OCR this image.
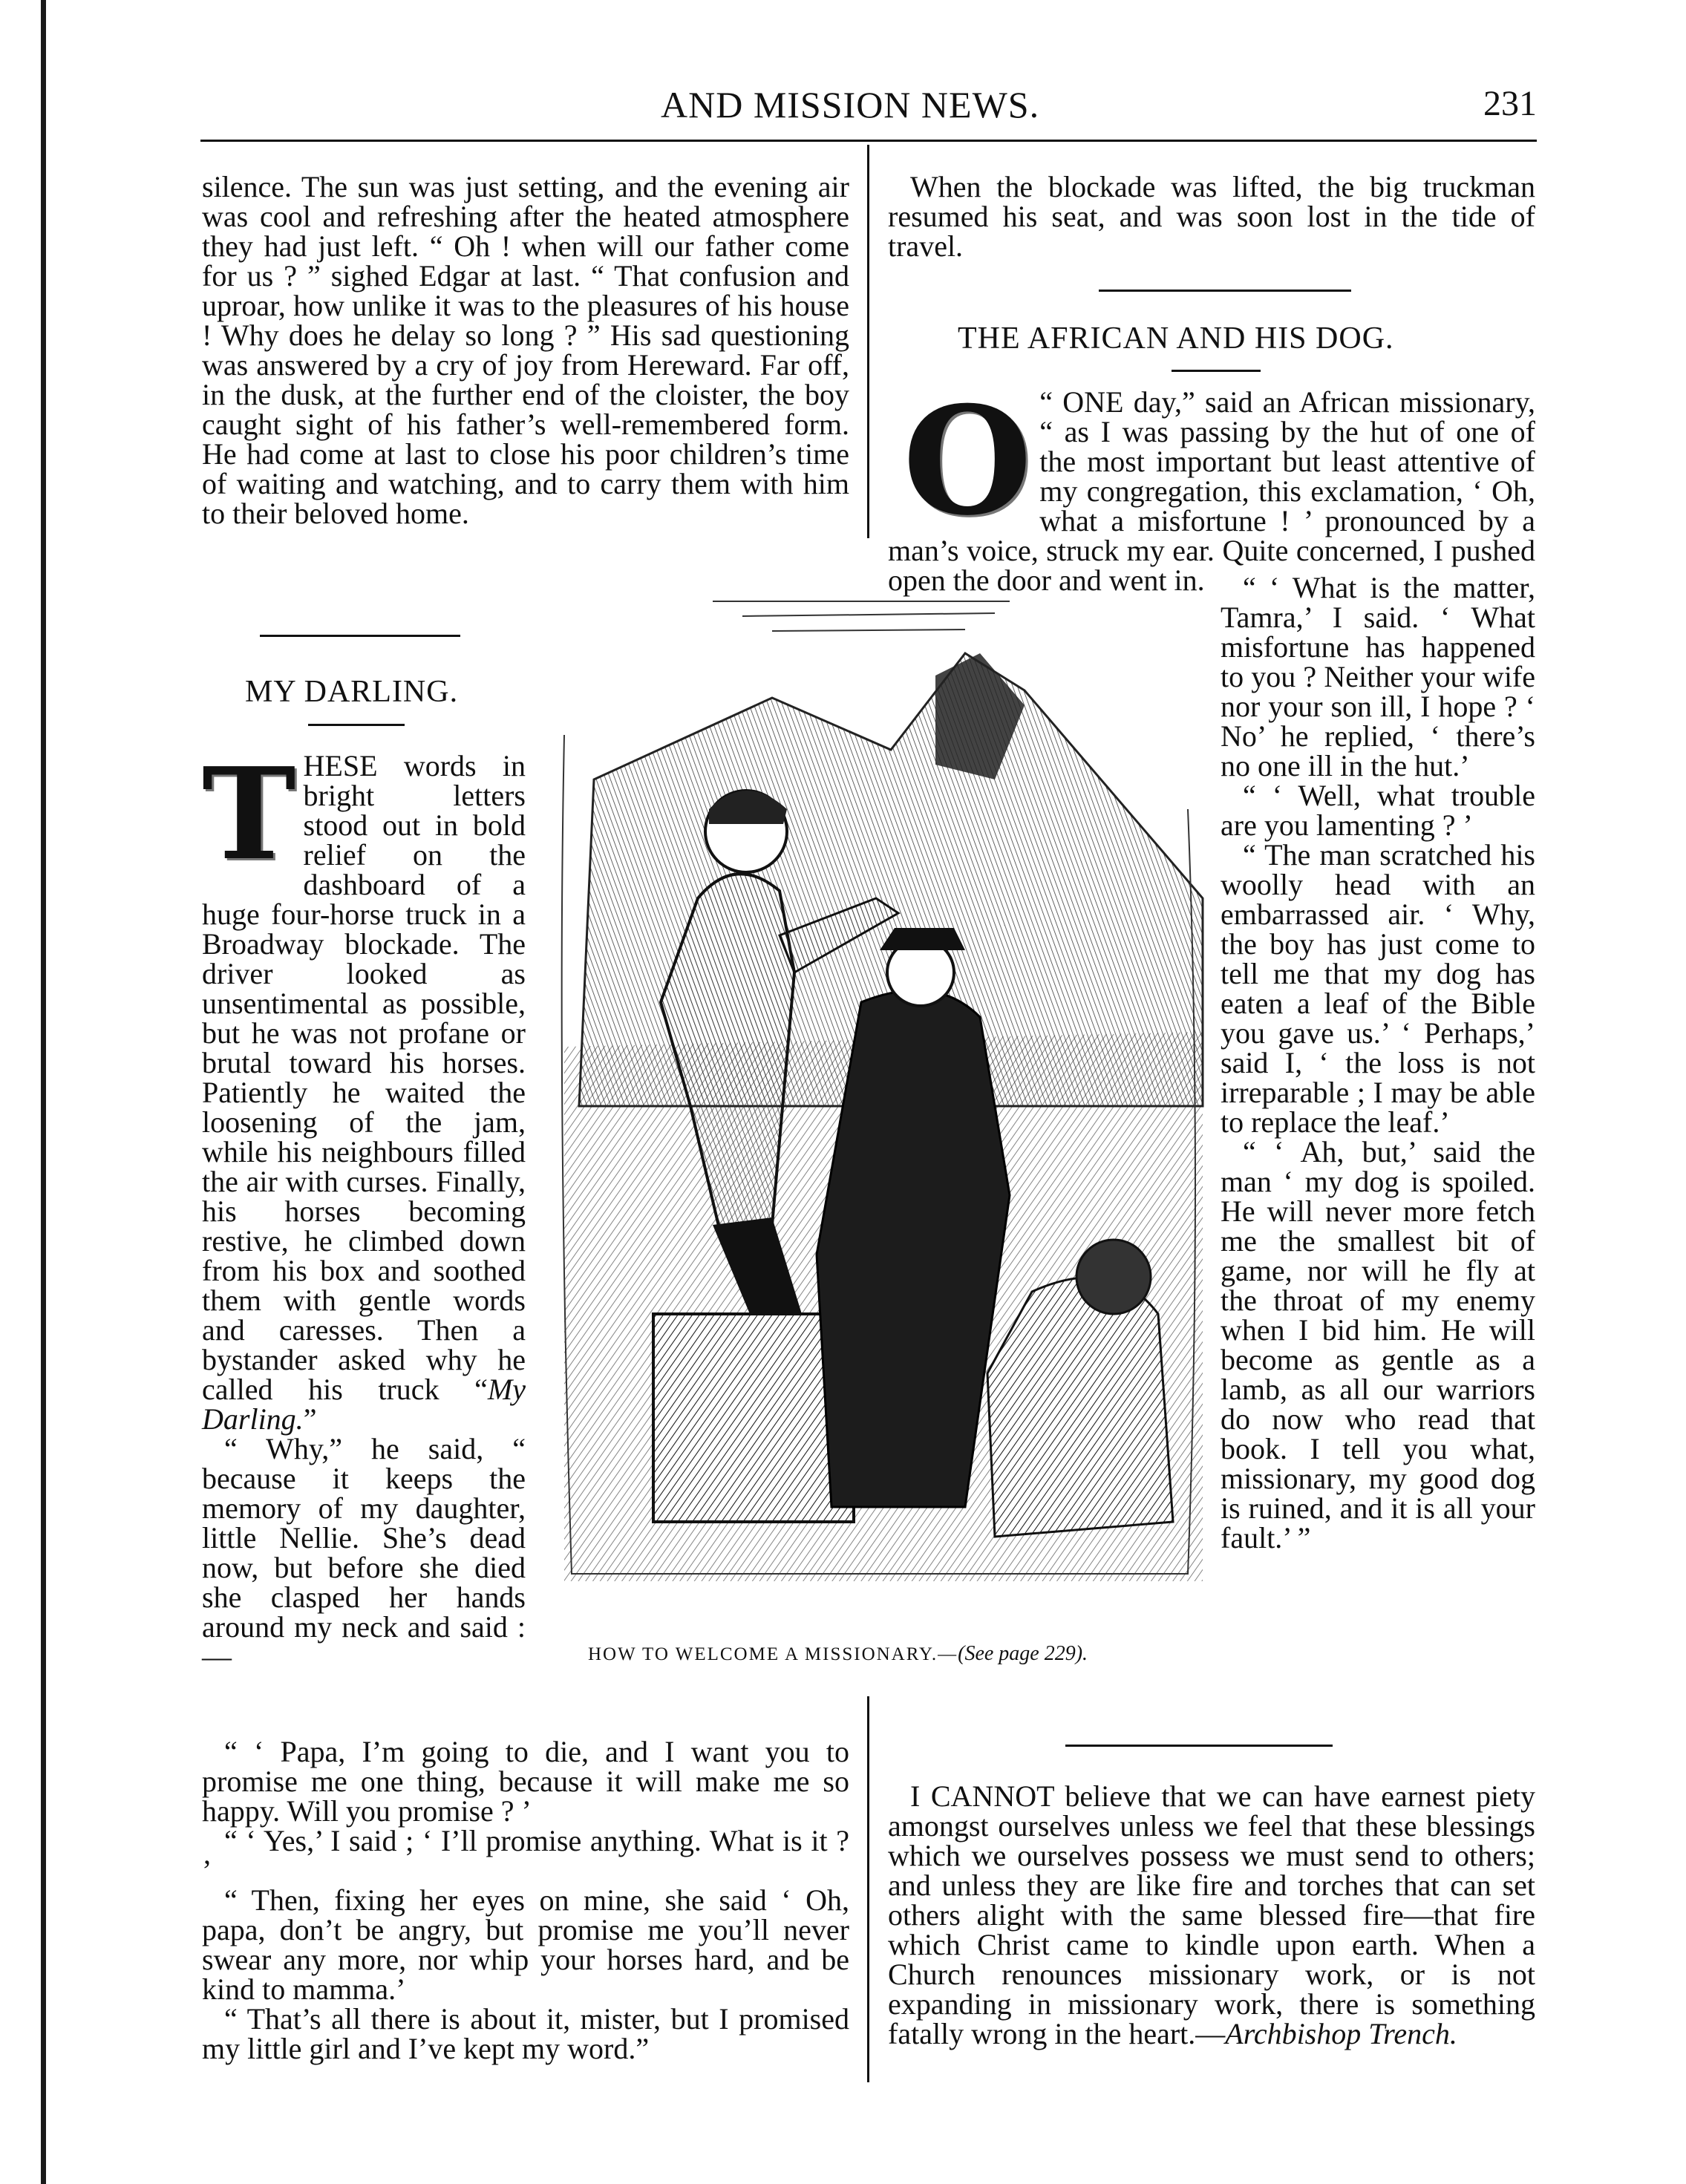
AND MISSION NEWS.	231

silence. The sun was just setting, and the evening air was cool and refreshing after the heated atmosphere they had just left. “ Oh ! when will our father come for us ? ” sighed Edgar at last. “ That confusion and uproar, how unlike it was to the pleasures of his house ! Why does he delay so long ? ” His sad questioning was answered by a cry of joy from Hereward. Far off, in the dusk, at the further end of the cloister, the boy caught sight of his father’s well-remembered form. He had come at last to close his poor children’s time of waiting and watching, and to carry them with him to their beloved home.

MY DARLING.

THESE words in bright letters stood out in bold relief on the dashboard of a huge four-horse truck in a Broadway blockade. The driver looked as unsentimental as possible, but he was not profane or brutal toward his horses. Patiently he waited the loosening of the jam, while his neighbours filled the air with curses. Finally, his horses becoming restive, he climbed down from his box and soothed them with gentle words and caresses. Then a bystander asked why he called his truck “My Darling.”

“ Why,” he said, “ because it keeps the memory of my daughter, little Nellie. She’s dead now, but before she died she clasped her hands around my neck and said :—

“ ‘ Papa, I’m going to die, and I want you to promise me one thing, because it will make me so happy. Will you promise ? ’

“ ‘ Yes,’ I said ; ‘ I’ll promise anything. What is it ? ’

“ Then, fixing her eyes on mine, she said ‘ Oh, papa, don’t be angry, but promise me you’ll never swear any more, nor whip your horses hard, and be kind to mamma.’

“ That’s all there is about it, mister, but I promised my little girl and I’ve kept my word.”

When the blockade was lifted, the big truckman resumed his seat, and was soon lost in the tide of travel.

THE AFRICAN AND HIS DOG.

O “ ONE day,” said an African missionary, “ as I was passing by the hut of one of the most important but least attentive of my congregation, this exclamation, ‘ Oh, what a misfortune ! ’ pronounced by a man’s voice, struck my ear. Quite concerned, I pushed open the door and went in.	“ ‘ What is the matter, Tamra,’ I said. ‘ What misfortune has happened to you ? Neither your wife nor your son ill, I hope ? ‘ No’ he replied, ‘ there’s no one ill in the hut.’

“ ‘ Well, what trouble are you lamenting ? ’

“ The man scratched his woolly head with an embarrassed air. ‘ Why, the boy has just come to tell me that my dog has eaten a leaf of the Bible you gave us.’ ‘ Perhaps,’ said I, ‘ the loss is not irreparable ; I may be able to replace the leaf.’

“ ‘ Ah, but,’ said the man ‘ my dog is spoiled. He will never more fetch me the smallest bit of game, nor will he fly at the throat of my enemy when I bid him. He will become as gentle as a lamb, as all our warriors do now who read that book. I tell you what, missionary, my good dog is ruined, and it is all your fault.’ ”

I CANNOT believe that we can have earnest piety amongst ourselves unless we feel that these blessings which we ourselves possess we must send to others; and unless they are like fire and torches that can set others alight with the same blessed fire—that fire which Christ came to kindle upon earth. When a Church renounces missionary work, or is not expanding in missionary work, there is something fatally wrong in the heart.—Archbishop Trench.

HOW TO WELCOME A MISSIONARY.—(See page 229).
